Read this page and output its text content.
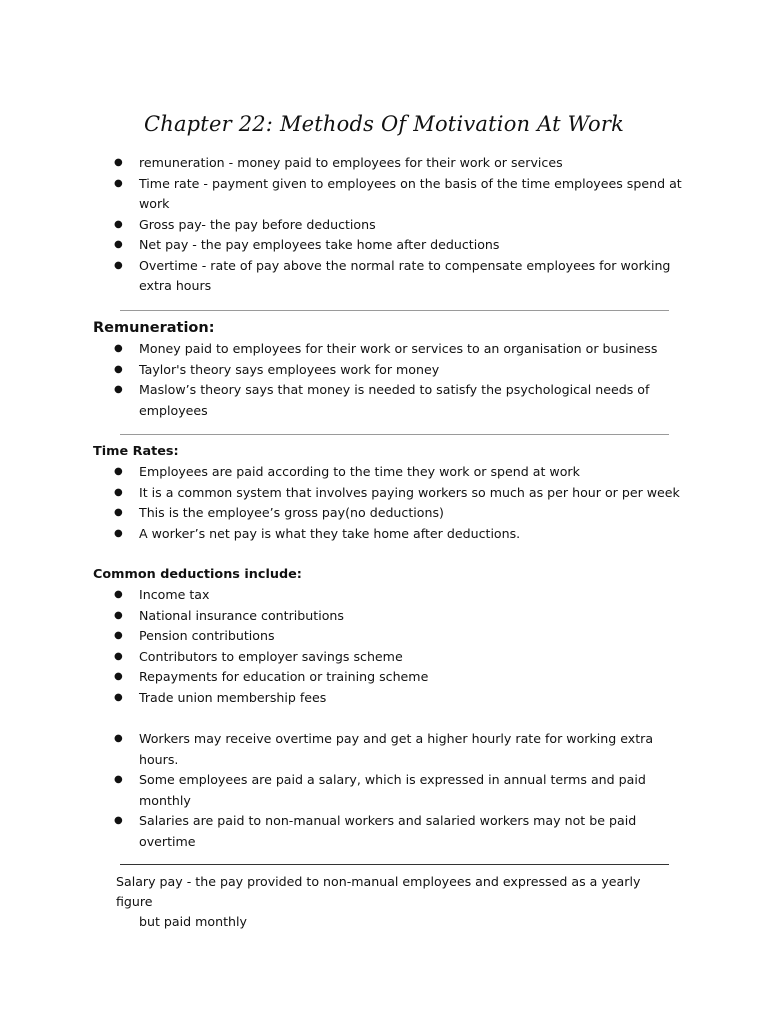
Chapter 22: Methods Of Motivation At Work
● remuneration - money paid to employees for their work or services
● Time rate - payment given to employees on the basis of the time employees spend at work
● Gross pay- the pay before deductions
● Net pay - the pay employees take home after deductions
● Overtime - rate of pay above the normal rate to compensate employees for working extra hours
Remuneration:
● Money paid to employees for their work or services to an organisation or business
● Taylor's theory says employees work for money
● Maslow’s theory says that money is needed to satisfy the psychological needs of employees
Time Rates:
● Employees are paid according to the time they work or spend at work
● It is a common system that involves paying workers so much as per hour or per week
● This is the employee’s gross pay(no deductions)
● A worker’s net pay is what they take home after deductions.
Common deductions include:
● Income tax
● National insurance contributions
● Pension contributions
● Contributors to employer savings scheme
● Repayments for education or training scheme
● Trade union membership fees
● Workers may receive overtime pay and get a higher hourly rate for working extra hours.
● Some employees are paid a salary, which is expressed in annual terms and paid monthly
● Salaries are paid to non-manual workers and salaried workers may not be paid overtime
Salary pay - the pay provided to non-manual employees and expressed as a yearly figure
but paid monthly
